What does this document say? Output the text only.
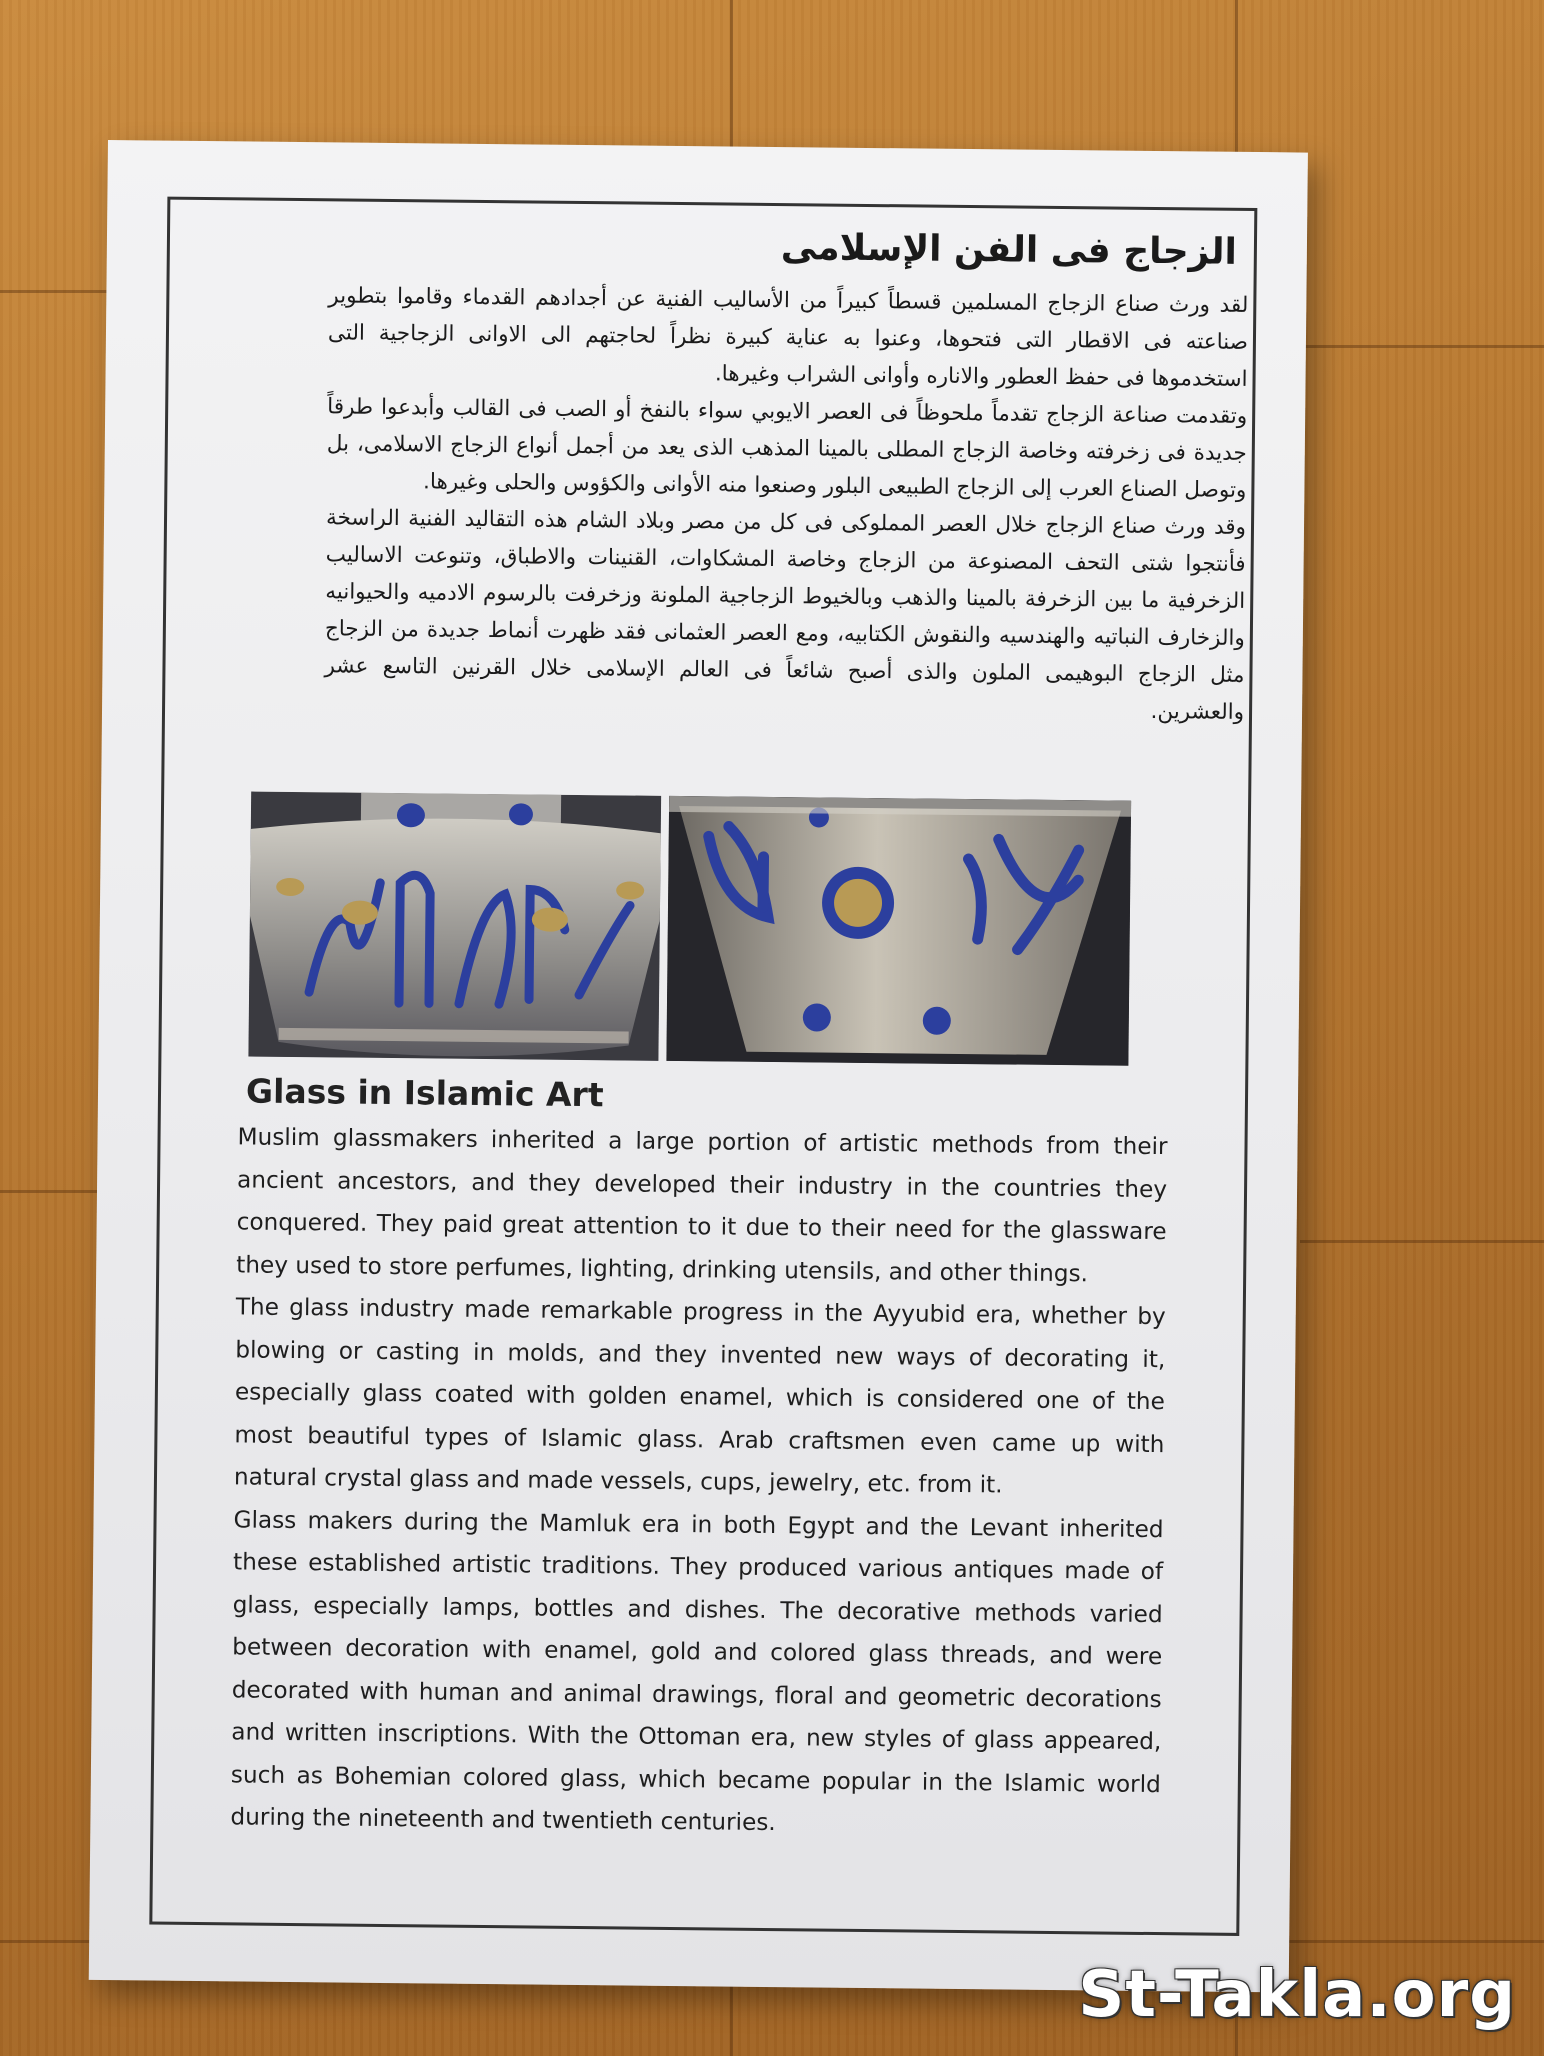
الزجاج فى الفن الإسلامى

لقد ورث صناع الزجاج المسلمين قسطاً كبيراً من الأساليب الفنية عن أجدادهم القدماء وقاموا بتطوير صناعته فى الاقطار التى فتحوها، وعنوا به عناية كبيرة نظراً لحاجتهم الى الاوانى الزجاجية التى استخدموها فى حفظ العطور والاناره وأوانى الشراب وغيرها.

وتقدمت صناعة الزجاج تقدماً ملحوظاً فى العصر الايوبي سواء بالنفخ أو الصب فى القالب وأبدعوا طرقاً جديدة فى زخرفته وخاصة الزجاج المطلى بالمينا المذهب الذى يعد من أجمل أنواع الزجاج الاسلامى، بل وتوصل الصناع العرب إلى الزجاج الطبيعى البلور وصنعوا منه الأوانى والكؤوس والحلى وغيرها.

وقد ورث صناع الزجاج خلال العصر المملوكى فى كل من مصر وبلاد الشام هذه التقاليد الفنية الراسخة فأنتجوا شتى التحف المصنوعة من الزجاج وخاصة المشكاوات، القنينات والاطباق، وتنوعت الاساليب الزخرفية ما بين الزخرفة بالمينا والذهب وبالخيوط الزجاجية الملونة وزخرفت بالرسوم الادميه والحيوانيه والزخارف النباتيه والهندسيه والنقوش الكتابيه، ومع العصر العثمانى فقد ظهرت أنماط جديدة من الزجاج مثل الزجاج البوهيمى الملون والذى أصبح شائعاً فى العالم الإسلامى خلال القرنين التاسع عشر والعشرين.

Glass in Islamic Art

Muslim glassmakers inherited a large portion of artistic methods from their ancient ancestors, and they developed their industry in the countries they conquered. They paid great attention to it due to their need for the glassware they used to store perfumes, lighting, drinking utensils, and other things.

The glass industry made remarkable progress in the Ayyubid era, whether by blowing or casting in molds, and they invented new ways of decorating it, especially glass coated with golden enamel, which is considered one of the most beautiful types of Islamic glass. Arab craftsmen even came up with natural crystal glass and made vessels, cups, jewelry, etc. from it.

Glass makers during the Mamluk era in both Egypt and the Levant inherited these established artistic traditions. They produced various antiques made of glass, especially lamps, bottles and dishes. The decorative methods varied between decoration with enamel, gold and colored glass threads, and were decorated with human and animal drawings, floral and geometric decorations and written inscriptions. With the Ottoman era, new styles of glass appeared, such as Bohemian colored glass, which became popular in the Islamic world during the nineteenth and twentieth centuries.

St-Takla.org
